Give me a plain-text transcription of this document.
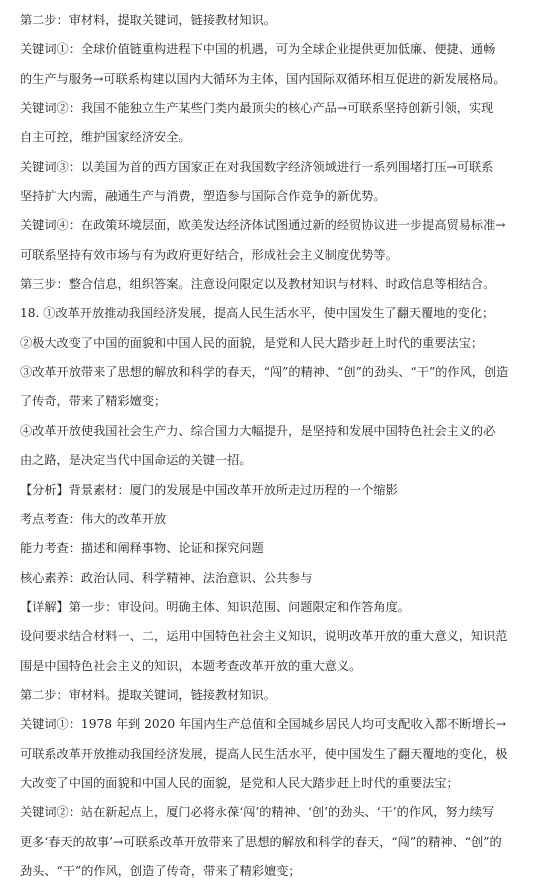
第二步：审材料，提取关键词，链接教材知识。
关键词①：全球价值链重构进程下中国的机遇，可为全球企业提供更加低廉、便捷、通畅
的生产与服务→可联系构建以国内大循环为主体，国内国际双循环相互促进的新发展格局。
关键词②：我国不能独立生产某些门类内最顶尖的核心产品→可联系坚持创新引领，实现
自主可控，维护国家经济安全。
关键词③：以美国为首的西方国家正在对我国数字经济领域进行一系列围堵打压→可联系
坚持扩大内需，融通生产与消费，塑造参与国际合作竞争的新优势。
关键词④：在政策环境层面，欧美发达经济体试图通过新的经贸协议进一步提高贸易标准→
可联系坚持有效市场与有为政府更好结合，形成社会主义制度优势等。
第三步：整合信息，组织答案。注意设问限定以及教材知识与材料、时政信息等相结合。
18. ①改革开放推动我国经济发展，提高人民生活水平，使中国发生了翻天覆地的变化；
②极大改变了中国的面貌和中国人民的面貌，是党和人民大踏步赶上时代的重要法宝；
③改革开放带来了思想的解放和科学的春天，“闯”的精神、“创”的劲头、“干”的作风，创造
了传奇，带来了精彩嬗变；
④改革开放使我国社会生产力、综合国力大幅提升，是坚持和发展中国特色社会主义的必
由之路，是决定当代中国命运的关键一招。
【分析】背景素材：厦门的发展是中国改革开放所走过历程的一个缩影
考点考查：伟大的改革开放
能力考查：描述和阐释事物、论证和探究问题
核心素养：政治认同、科学精神、法治意识、公共参与
【详解】第一步：审设问。明确主体、知识范围、问题限定和作答角度。
设问要求结合材料一、二，运用中国特色社会主义知识，说明改革开放的重大意义，知识范
围是中国特色社会主义的知识，本题考查改革开放的重大意义。
第二步：审材料。提取关键词，链接教材知识。
关键词①：1978 年到 2020 年国内生产总值和全国城乡居民人均可支配收入都不断增长→
可联系改革开放推动我国经济发展，提高人民生活水平，使中国发生了翻天覆地的变化，极
大改变了中国的面貌和中国人民的面貌，是党和人民大踏步赶上时代的重要法宝；
关键词②：站在新起点上，厦门必将永葆‘闯’的精神、‘创’的劲头、‘干’的作风，努力续写
更多‘春天的故事’→可联系改革开放带来了思想的解放和科学的春天，“闯”的精神、“创”的
劲头、“干”的作风，创造了传奇，带来了精彩嬗变；
